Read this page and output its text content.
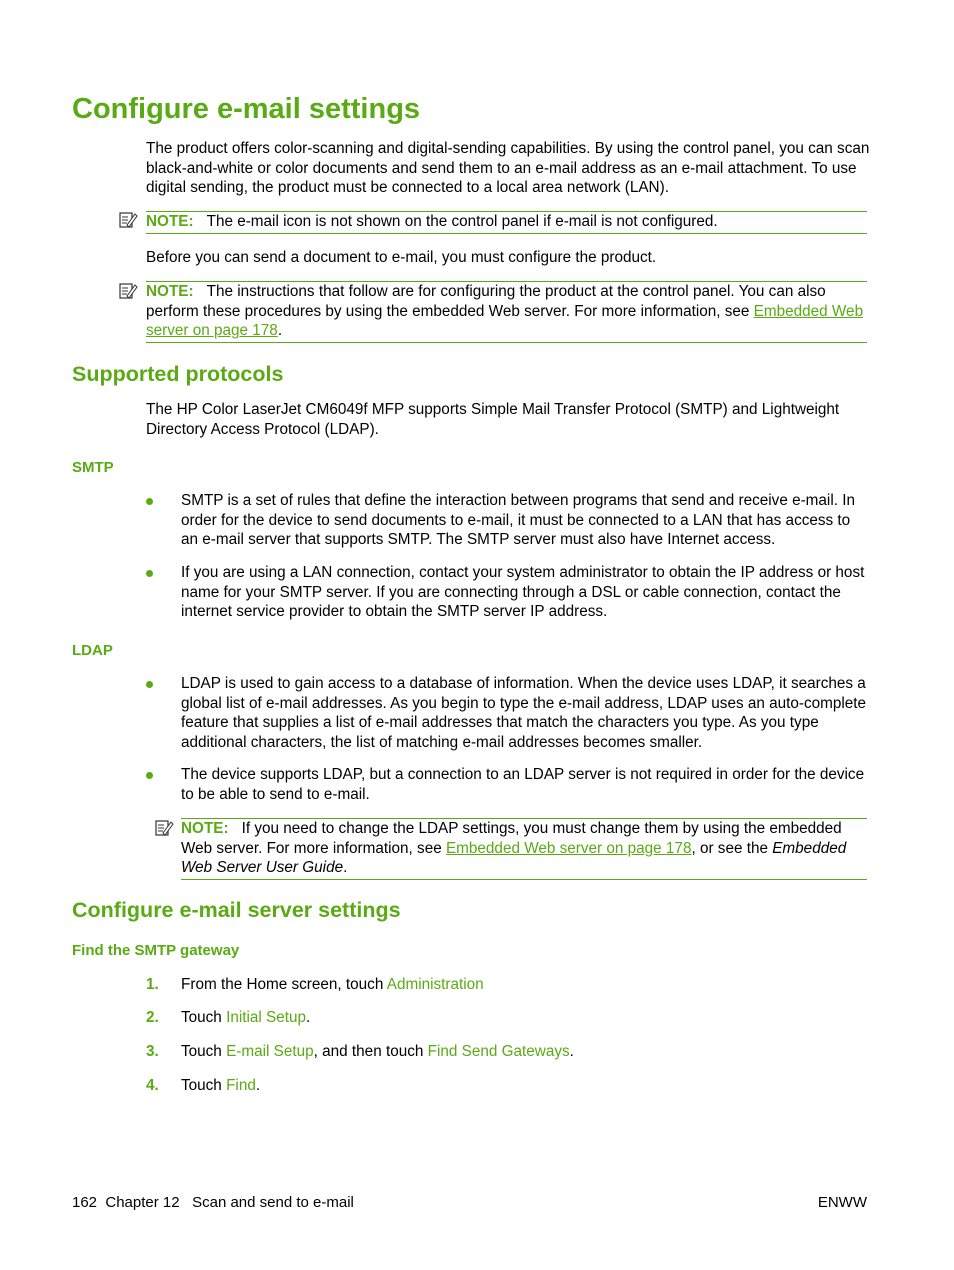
Configure e-mail settings

The product offers color-scanning and digital-sending capabilities. By using the control panel, you can scan black-and-white or color documents and send them to an e-mail address as an e-mail attachment. To use digital sending, the product must be connected to a local area network (LAN).

NOTE: The e-mail icon is not shown on the control panel if e-mail is not configured.

Before you can send a document to e-mail, you must configure the product.

NOTE: The instructions that follow are for configuring the product at the control panel. You can also perform these procedures by using the embedded Web server. For more information, see Embedded Web server on page 178.
Supported protocols

The HP Color LaserJet CM6049f MFP supports Simple Mail Transfer Protocol (SMTP) and Lightweight Directory Access Protocol (LDAP).

SMTP

SMTP is a set of rules that define the interaction between programs that send and receive e-mail. In order for the device to send documents to e-mail, it must be connected to a LAN that has access to an e-mail server that supports SMTP. The SMTP server must also have Internet access.

If you are using a LAN connection, contact your system administrator to obtain the IP address or host name for your SMTP server. If you are connecting through a DSL or cable connection, contact the internet service provider to obtain the SMTP server IP address.

LDAP

LDAP is used to gain access to a database of information. When the device uses LDAP, it searches a global list of e-mail addresses. As you begin to type the e-mail address, LDAP uses an auto-complete feature that supplies a list of e-mail addresses that match the characters you type. As you type additional characters, the list of matching e-mail addresses becomes smaller.

The device supports LDAP, but a connection to an LDAP server is not required in order for the device to be able to send to e-mail.

NOTE: If you need to change the LDAP settings, you must change them by using the embedded Web server. For more information, see Embedded Web server on page 178, or see the Embedded Web Server User Guide.
Configure e-mail server settings
Find the SMTP gateway
1. From the Home screen, touch Administration

2. Touch Initial Setup.

3. Touch E-mail Setup, and then touch Find Send Gateways.

4. Touch Find.

162 Chapter 12   Scan and send to e-mail	ENWW
